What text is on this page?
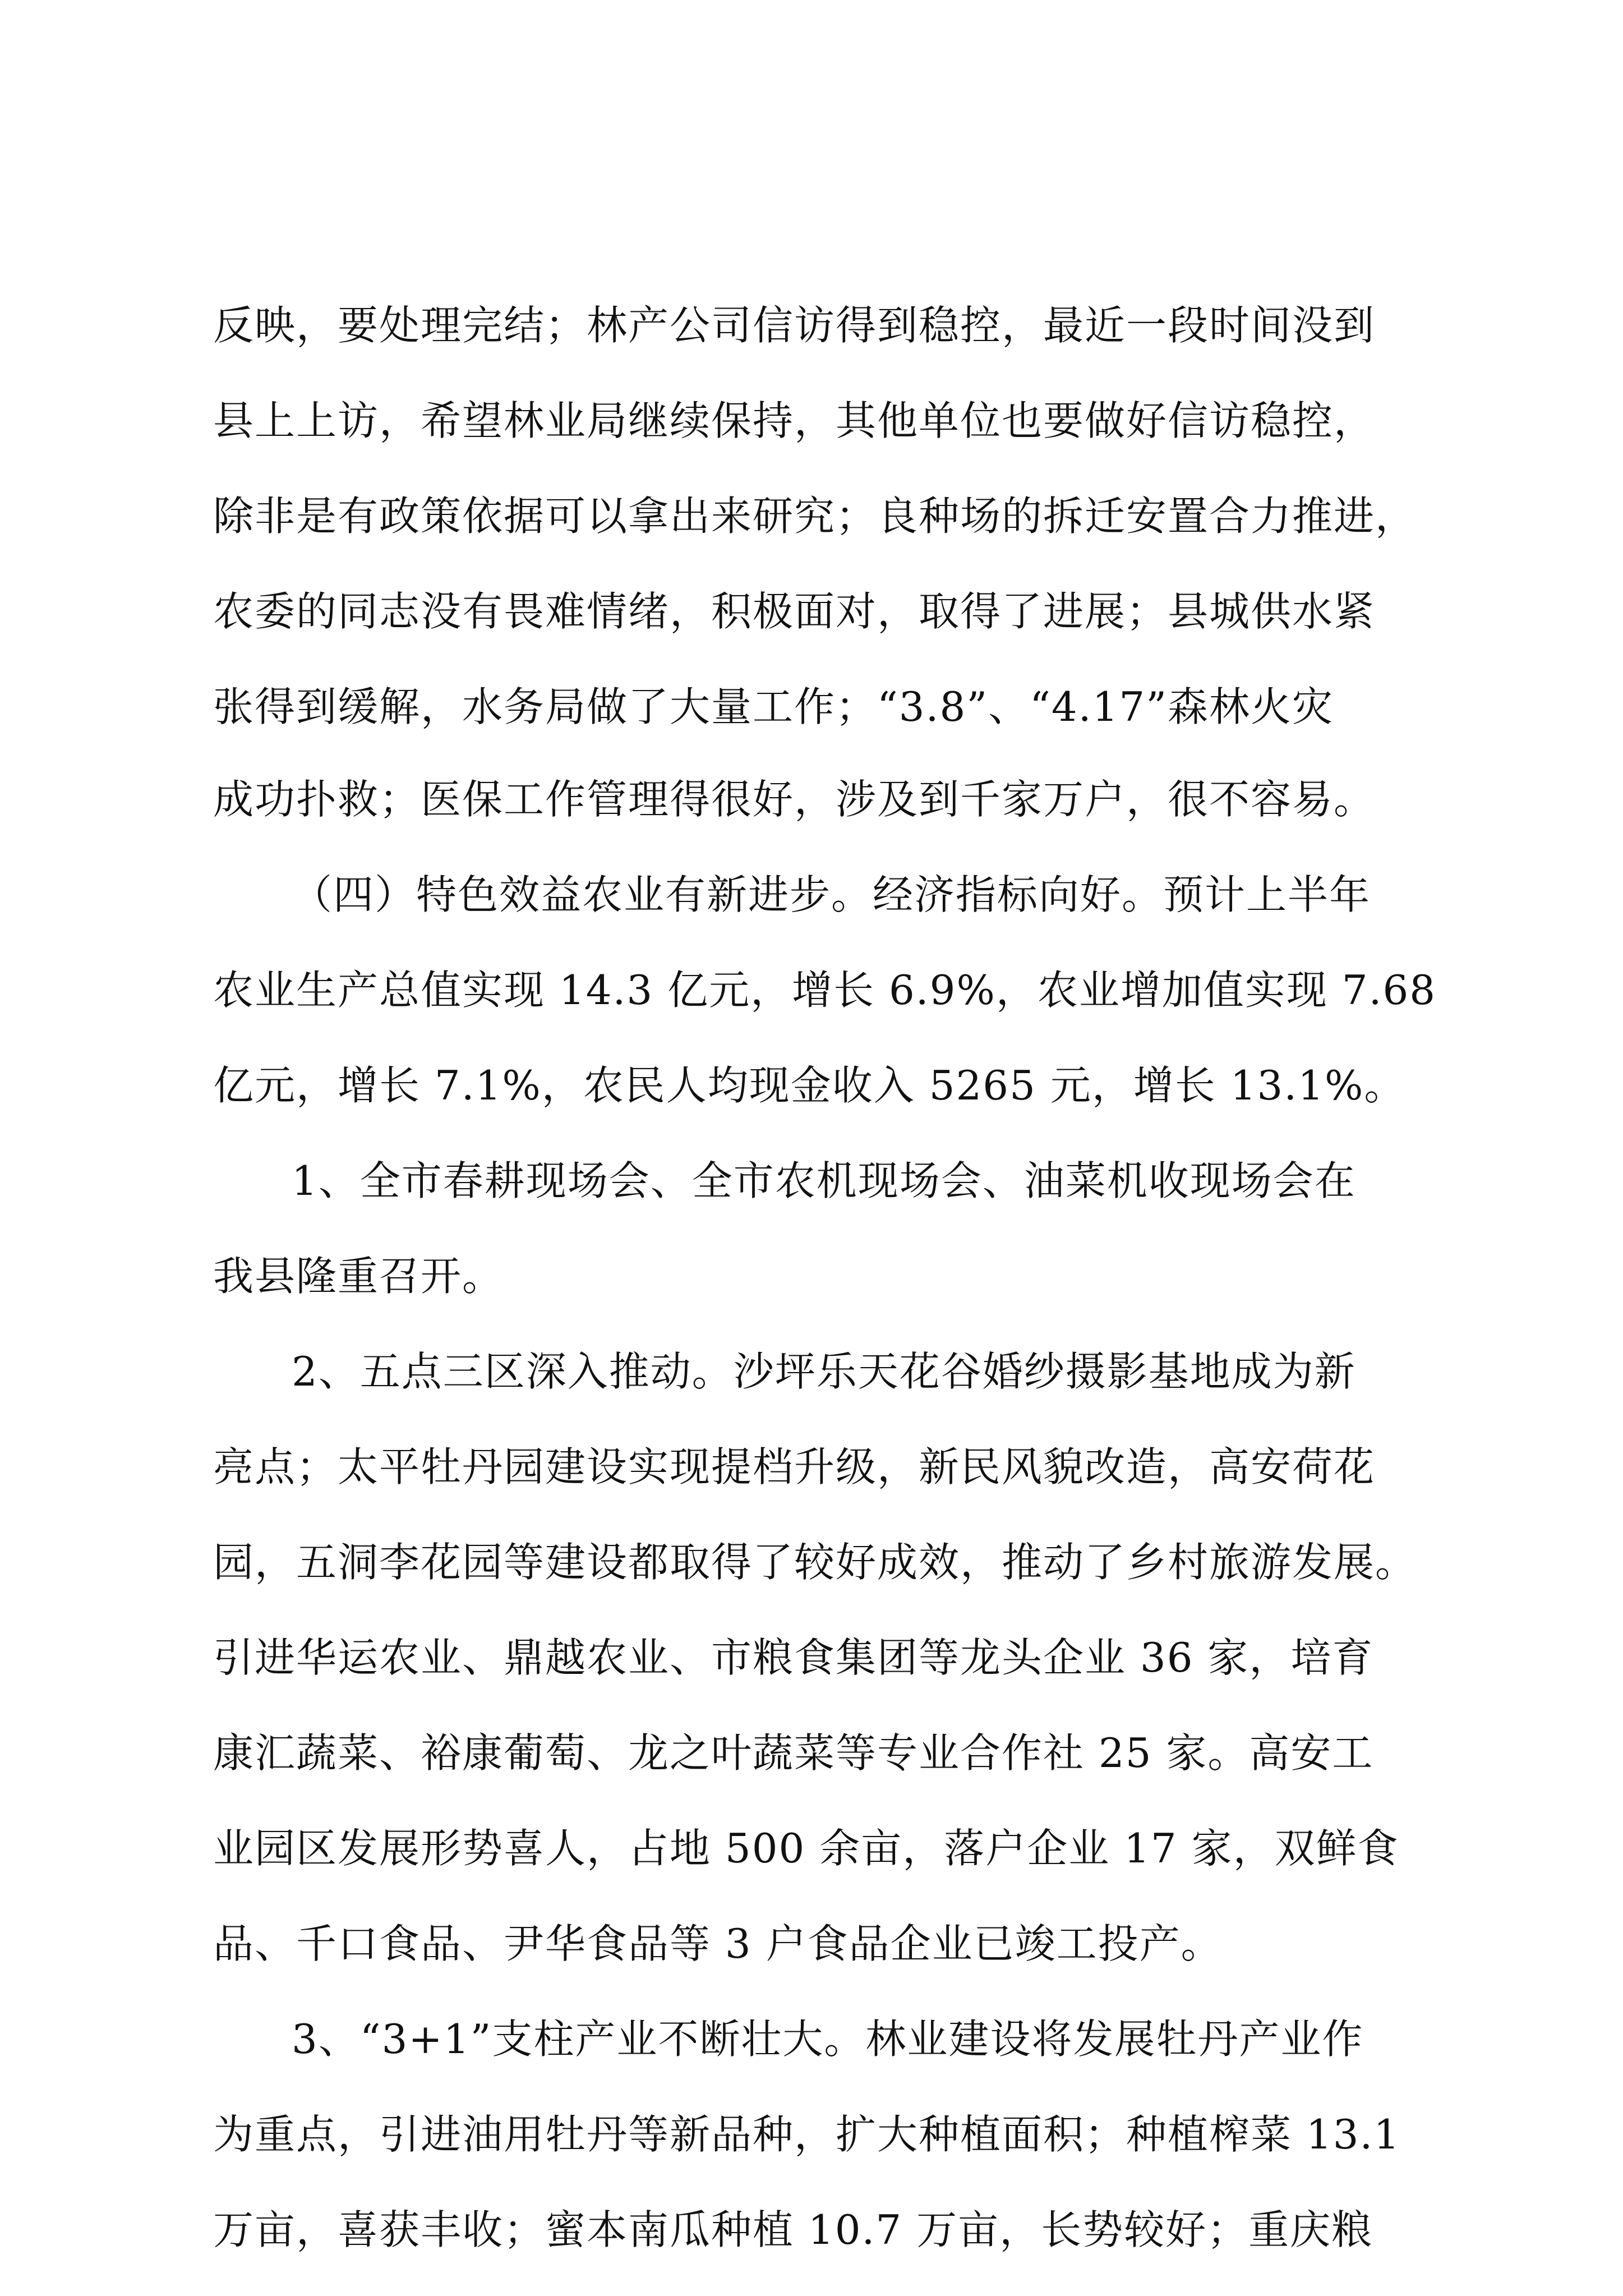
反映，要处理完结；林产公司信访得到稳控，最近一段时间没到

县上上访，希望林业局继续保持，其他单位也要做好信访稳控，

除非是有政策依据可以拿出来研究；良种场的拆迁安置合力推进，

农委的同志没有畏难情绪，积极面对，取得了进展；县城供水紧

张得到缓解，水务局做了大量工作；“3.8”、“4.17”森林火灾

成功扑救；医保工作管理得很好，涉及到千家万户，很不容易。

（四）特色效益农业有新进步。经济指标向好。预计上半年

农业生产总值实现 14.3 亿元，增长 6.9%，农业增加值实现 7.68

亿元，增长 7.1%，农民人均现金收入 5265 元，增长 13.1%。

1、全市春耕现场会、全市农机现场会、油菜机收现场会在

我县隆重召开。

2、五点三区深入推动。沙坪乐天花谷婚纱摄影基地成为新

亮点；太平牡丹园建设实现提档升级，新民风貌改造，高安荷花

园，五洞李花园等建设都取得了较好成效，推动了乡村旅游发展。

引进华运农业、鼎越农业、市粮食集团等龙头企业 36 家，培育

康汇蔬菜、裕康葡萄、龙之叶蔬菜等专业合作社 25 家。高安工

业园区发展形势喜人，占地 500 余亩，落户企业 17 家，双鲜食

品、千口食品、尹华食品等 3 户食品企业已竣工投产。

3、“3+1”支柱产业不断壮大。林业建设将发展牡丹产业作

为重点，引进油用牡丹等新品种，扩大种植面积；种植榨菜 13.1

万亩，喜获丰收；蜜本南瓜种植 10.7 万亩，长势较好；重庆粮
